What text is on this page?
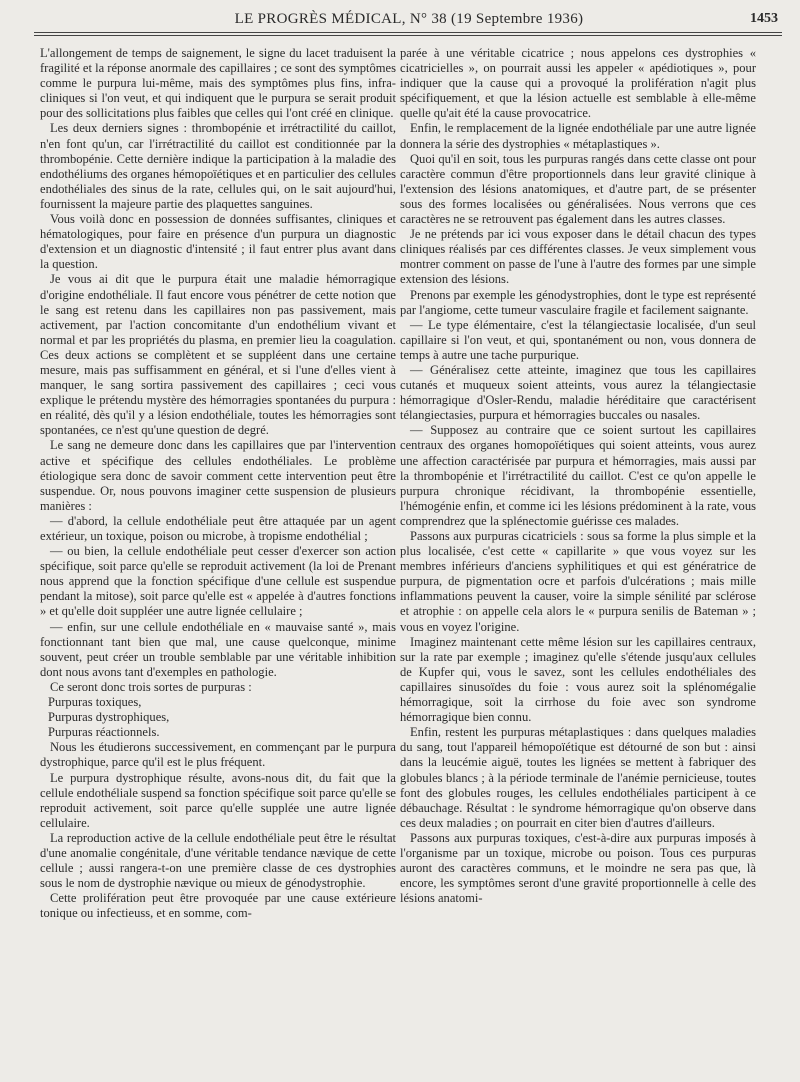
LE PROGRÈS MÉDICAL, N° 38 (19 Septembre 1936)	1453

L'allongement de temps de saignement, le signe du lacet traduisent la fragilité et la réponse anormale des capillaires ; ce sont des symptômes comme le purpura lui-même, mais des symptômes plus fins, infra-cliniques si l'on veut, et qui indiquent que le purpura se serait produit pour des sollicitations plus faibles que celles qui l'ont créé en clinique.

Les deux derniers signes : thrombopénie et irrétractilité du caillot, n'en font qu'un, car l'irrétractilité du caillot est conditionnée par la thrombopénie. Cette dernière indique la participation à la maladie des endothéliums des organes hémopoïétiques et en particulier des cellules endothéliales des sinus de la rate, cellules qui, on le sait aujourd'hui, fournissent la majeure partie des plaquettes sanguines.

Vous voilà donc en possession de données suffisantes, cliniques et hématologiques, pour faire en présence d'un purpura un diagnostic d'extension et un diagnostic d'intensité ; il faut entrer plus avant dans la question.

Je vous ai dit que le purpura était une maladie hémorragique d'origine endothéliale. Il faut encore vous pénétrer de cette notion que le sang est retenu dans les capillaires non pas passivement, mais activement, par l'action concomitante d'un endothélium vivant et normal et par les propriétés du plasma, en premier lieu la coagulation. Ces deux actions se complètent et se suppléent dans une certaine mesure, mais pas suffisamment en général, et si l'une d'elles vient à manquer, le sang sortira passivement des capillaires ; ceci vous explique le prétendu mystère des hémorragies spontanées du purpura : en réalité, dès qu'il y a lésion endothéliale, toutes les hémorragies sont spontanées, ce n'est qu'une question de degré.

Le sang ne demeure donc dans les capillaires que par l'intervention active et spécifique des cellules endothéliales. Le problème étiologique sera donc de savoir comment cette intervention peut être suspendue. Or, nous pouvons imaginer cette suspension de plusieurs manières :

— d'abord, la cellule endothéliale peut être attaquée par un agent extérieur, un toxique, poison ou microbe, à tropisme endothélial ;

— ou bien, la cellule endothéliale peut cesser d'exercer son action spécifique, soit parce qu'elle se reproduit activement (la loi de Prenant nous apprend que la fonction spécifique d'une cellule est suspendue pendant la mitose), soit parce qu'elle est « appelée à d'autres fonctions » et qu'elle doit suppléer une autre lignée cellulaire ;

— enfin, sur une cellule endothéliale en « mauvaise santé », mais fonctionnant tant bien que mal, une cause quelconque, minime souvent, peut créer un trouble semblable par une véritable inhibition dont nous avons tant d'exemples en pathologie.

Ce seront donc trois sortes de purpuras :

Purpuras toxiques,

Purpuras dystrophiques,

Purpuras réactionnels.

Nous les étudierons successivement, en commençant par le purpura dystrophique, parce qu'il est le plus fréquent.

Le purpura dystrophique résulte, avons-nous dit, du fait que la cellule endothéliale suspend sa fonction spécifique soit parce qu'elle se reproduit activement, soit parce qu'elle supplée une autre lignée cellulaire.

La reproduction active de la cellule endothéliale peut être le résultat d'une anomalie congénitale, d'une véritable tendance nævique de cette cellule ; aussi rangera-t-on une première classe de ces dystrophies sous le nom de dystrophie nævique ou mieux de génodystrophie.

Cette prolifération peut être provoquée par une cause extérieure tonique ou infectieuss, et en somme, com-

parée à une véritable cicatrice ; nous appelons ces dystrophies « cicatricielles », on pourrait aussi les appeler « apédiotiques », pour indiquer que la cause qui a provoqué la prolifération n'agit plus spécifiquement, et que la lésion actuelle est semblable à elle-même quelle qu'ait été la cause provocatrice.

Enfin, le remplacement de la lignée endothéliale par une autre lignée donnera la série des dystrophies « métaplastiques ».

Quoi qu'il en soit, tous les purpuras rangés dans cette classe ont pour caractère commun d'être proportionnels dans leur gravité clinique à l'extension des lésions anatomiques, et d'autre part, de se présenter sous des formes localisées ou généralisées. Nous verrons que ces caractères ne se retrouvent pas également dans les autres classes.

Je ne prétends par ici vous exposer dans le détail chacun des types cliniques réalisés par ces différentes classes. Je veux simplement vous montrer comment on passe de l'une à l'autre des formes par une simple extension des lésions.

Prenons par exemple les génodystrophies, dont le type est représenté par l'angiome, cette tumeur vasculaire fragile et facilement saignante.

— Le type élémentaire, c'est la télangiectasie localisée, d'un seul capillaire si l'on veut, et qui, spontanément ou non, vous donnera de temps à autre une tache purpurique.

— Généralisez cette atteinte, imaginez que tous les capillaires cutanés et muqueux soient atteints, vous aurez la télangiectasie hémorragique d'Osler-Rendu, maladie héréditaire que caractérisent télangiectasies, purpura et hémorragies buccales ou nasales.

— Supposez au contraire que ce soient surtout les capillaires centraux des organes homopoïétiques qui soient atteints, vous aurez une affection caractérisée par purpura et hémorragies, mais aussi par la thrombopénie et l'irrétractilité du caillot. C'est ce qu'on appelle le purpura chronique récidivant, la thrombopénie essentielle, l'hémogénie enfin, et comme ici les lésions prédominent à la rate, vous comprendrez que la splénectomie guérisse ces malades.

Passons aux purpuras cicatriciels : sous sa forme la plus simple et la plus localisée, c'est cette « capillarite » que vous voyez sur les membres inférieurs d'anciens syphilitiques et qui est génératrice de purpura, de pigmentation ocre et parfois d'ulcérations ; mais mille inflammations peuvent la causer, voire la simple sénilité par sclérose et atrophie : on appelle cela alors le « purpura senilis de Bateman » ; vous en voyez l'origine.

Imaginez maintenant cette même lésion sur les capillaires centraux, sur la rate par exemple ; imaginez qu'elle s'étende jusqu'aux cellules de Kupfer qui, vous le savez, sont les cellules endothéliales des capillaires sinusoïdes du foie : vous aurez soit la splénomégalie hémorragique, soit la cirrhose du foie avec son syndrome hémorragique bien connu.

Enfin, restent les purpuras métaplastiques : dans quelques maladies du sang, tout l'appareil hémopoïétique est détourné de son but : ainsi dans la leucémie aiguë, toutes les lignées se mettent à fabriquer des globules blancs ; à la période terminale de l'anémie pernicieuse, toutes font des globules rouges, les cellules endothéliales participent à ce débauchage. Résultat : le syndrome hémorragique qu'on observe dans ces deux maladies ; on pourrait en citer bien d'autres d'ailleurs.

Passons aux purpuras toxiques, c'est-à-dire aux purpuras imposés à l'organisme par un toxique, microbe ou poison. Tous ces purpuras auront des caractères communs, et le moindre ne sera pas que, là encore, les symptômes seront d'une gravité proportionnelle à celle des lésions anatomi-
